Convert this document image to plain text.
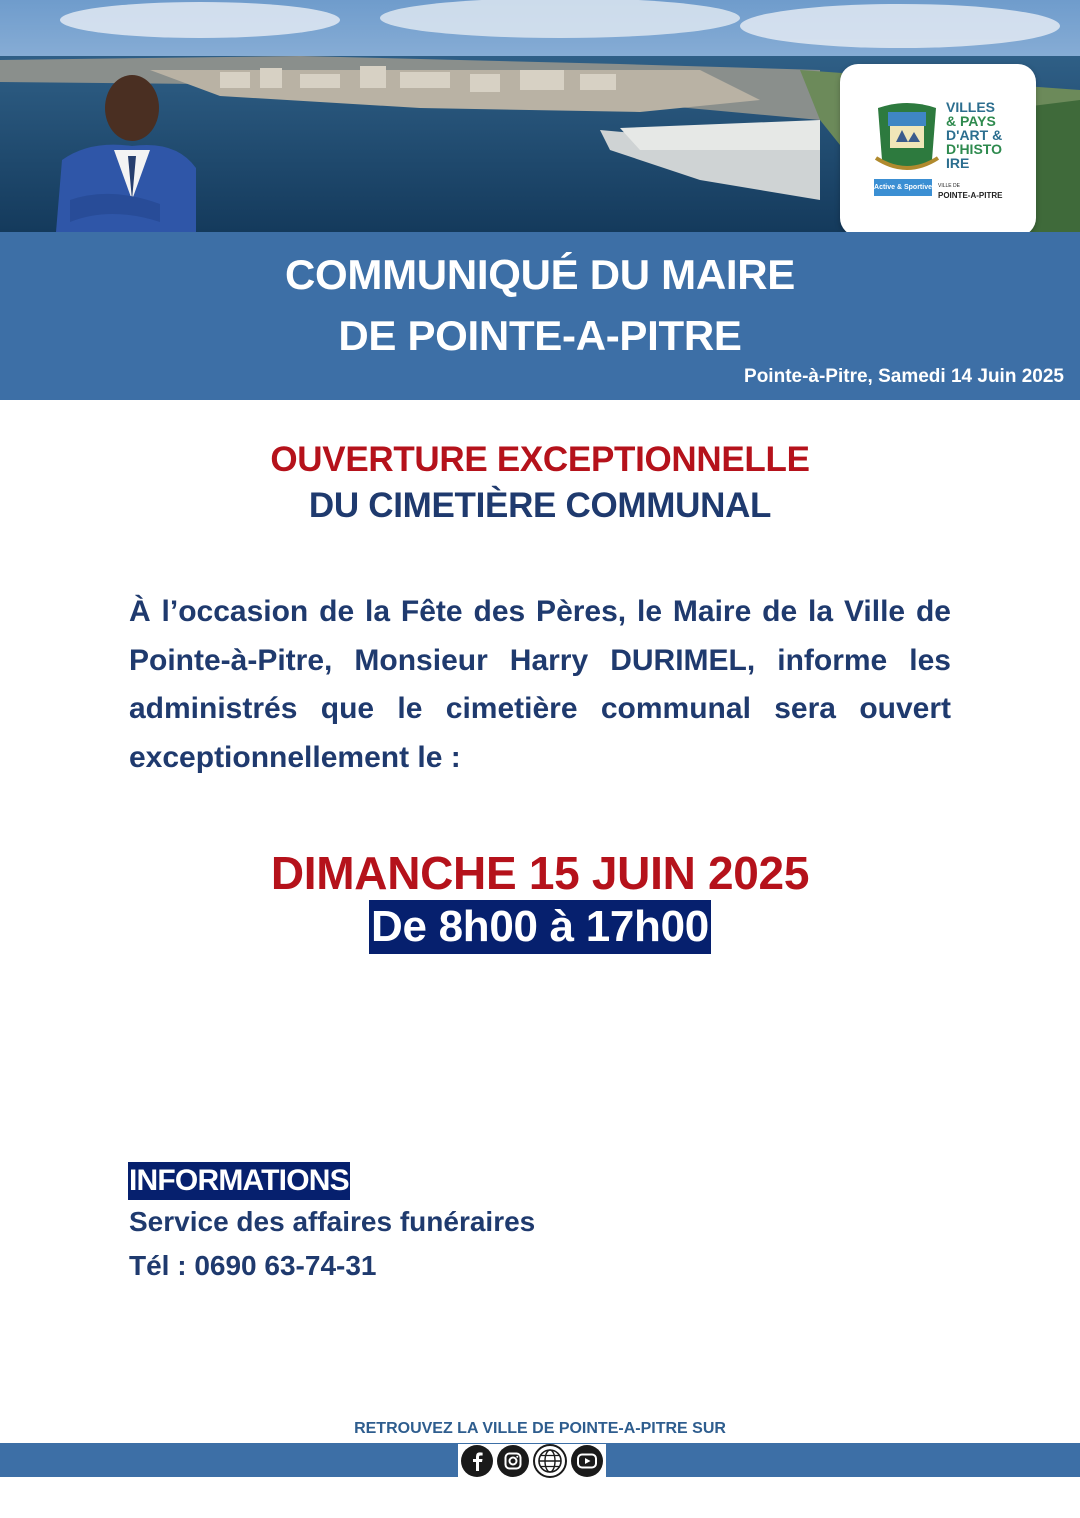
VILLES
& PAYS
D'ART &
D'HISTO
IRE
Active & Sportive VILLE DE
POINTE-A-PITRE
COMMUNIQUÉ DU MAIRE
DE POINTE-A-PITRE
Pointe-à-Pitre, Samedi 14 Juin 2025
OUVERTURE EXCEPTIONNELLE
DU CIMETIÈRE COMMUNAL
À l’occasion de la Fête des Pères, le Maire de la Ville de Pointe-à-Pitre, Monsieur Harry DURIMEL, informe les administrés que le cimetière communal sera ouvert exceptionnellement le :
DIMANCHE 15 JUIN 2025
De 8h00 à 17h00
INFORMATIONS
Service des affaires funéraires
Tél : 0690 63-74-31
RETROUVEZ LA VILLE DE POINTE-A-PITRE SUR
